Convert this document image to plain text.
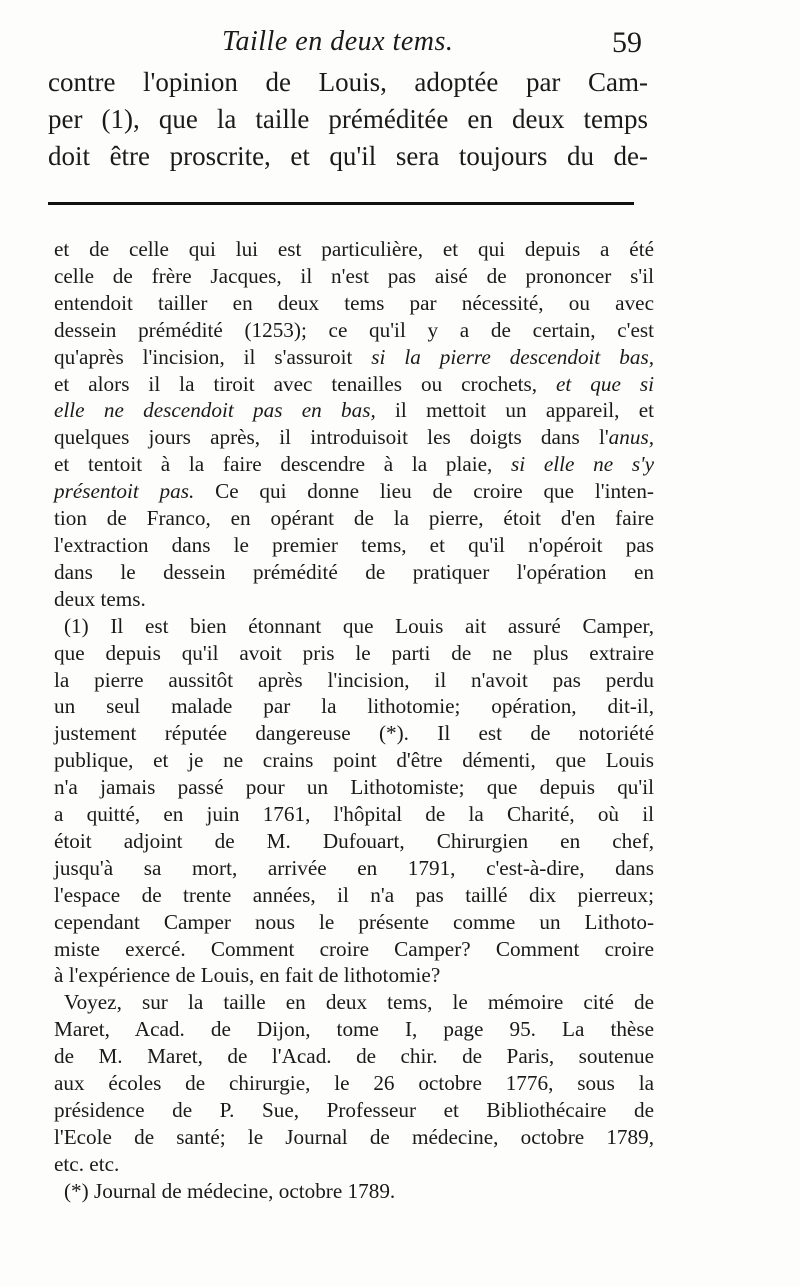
Taille en deux tems.	59
contre l'opinion de Louis, adoptée par Cam-
per (1), que la taille préméditée en deux temps
doit être proscrite, et qu'il sera toujours du de-
et de celle qui lui est particulière, et qui depuis a été
celle de frère Jacques, il n'est pas aisé de prononcer s'il
entendoit tailler en deux tems par nécessité, ou avec
dessein prémédité (1253); ce qu'il y a de certain, c'est
qu'après l'incision, il s'assuroit si la pierre descendoit bas,
et alors il la tiroit avec tenailles ou crochets, et que si
elle ne descendoit pas en bas, il mettoit un appareil, et
quelques jours après, il introduisoit les doigts dans l'anus,
et tentoit à la faire descendre à la plaie, si elle ne s'y
présentoit pas. Ce qui donne lieu de croire que l'inten-
tion de Franco, en opérant de la pierre, étoit d'en faire
l'extraction dans le premier tems, et qu'il n'opéroit pas
dans le dessein prémédité de pratiquer l'opération en
deux tems.
(1) Il est bien étonnant que Louis ait assuré Camper,
que depuis qu'il avoit pris le parti de ne plus extraire
la pierre aussitôt après l'incision, il n'avoit pas perdu
un seul malade par la lithotomie; opération, dit-il,
justement réputée dangereuse (*). Il est de notoriété
publique, et je ne crains point d'être démenti, que Louis
n'a jamais passé pour un Lithotomiste; que depuis qu'il
a quitté, en juin 1761, l'hôpital de la Charité, où il
étoit adjoint de M. Dufouart, Chirurgien en chef,
jusqu'à sa mort, arrivée en 1791, c'est-à-dire, dans
l'espace de trente années, il n'a pas taillé dix pierreux;
cependant Camper nous le présente comme un Lithoto-
miste exercé. Comment croire Camper? Comment croire
à l'expérience de Louis, en fait de lithotomie?
Voyez, sur la taille en deux tems, le mémoire cité de
Maret, Acad. de Dijon, tome I, page 95. La thèse
de M. Maret, de l'Acad. de chir. de Paris, soutenue
aux écoles de chirurgie, le 26 octobre 1776, sous la
présidence de P. Sue, Professeur et Bibliothécaire de
l'Ecole de santé; le Journal de médecine, octobre 1789,
etc. etc.
(*) Journal de médecine, octobre 1789.
